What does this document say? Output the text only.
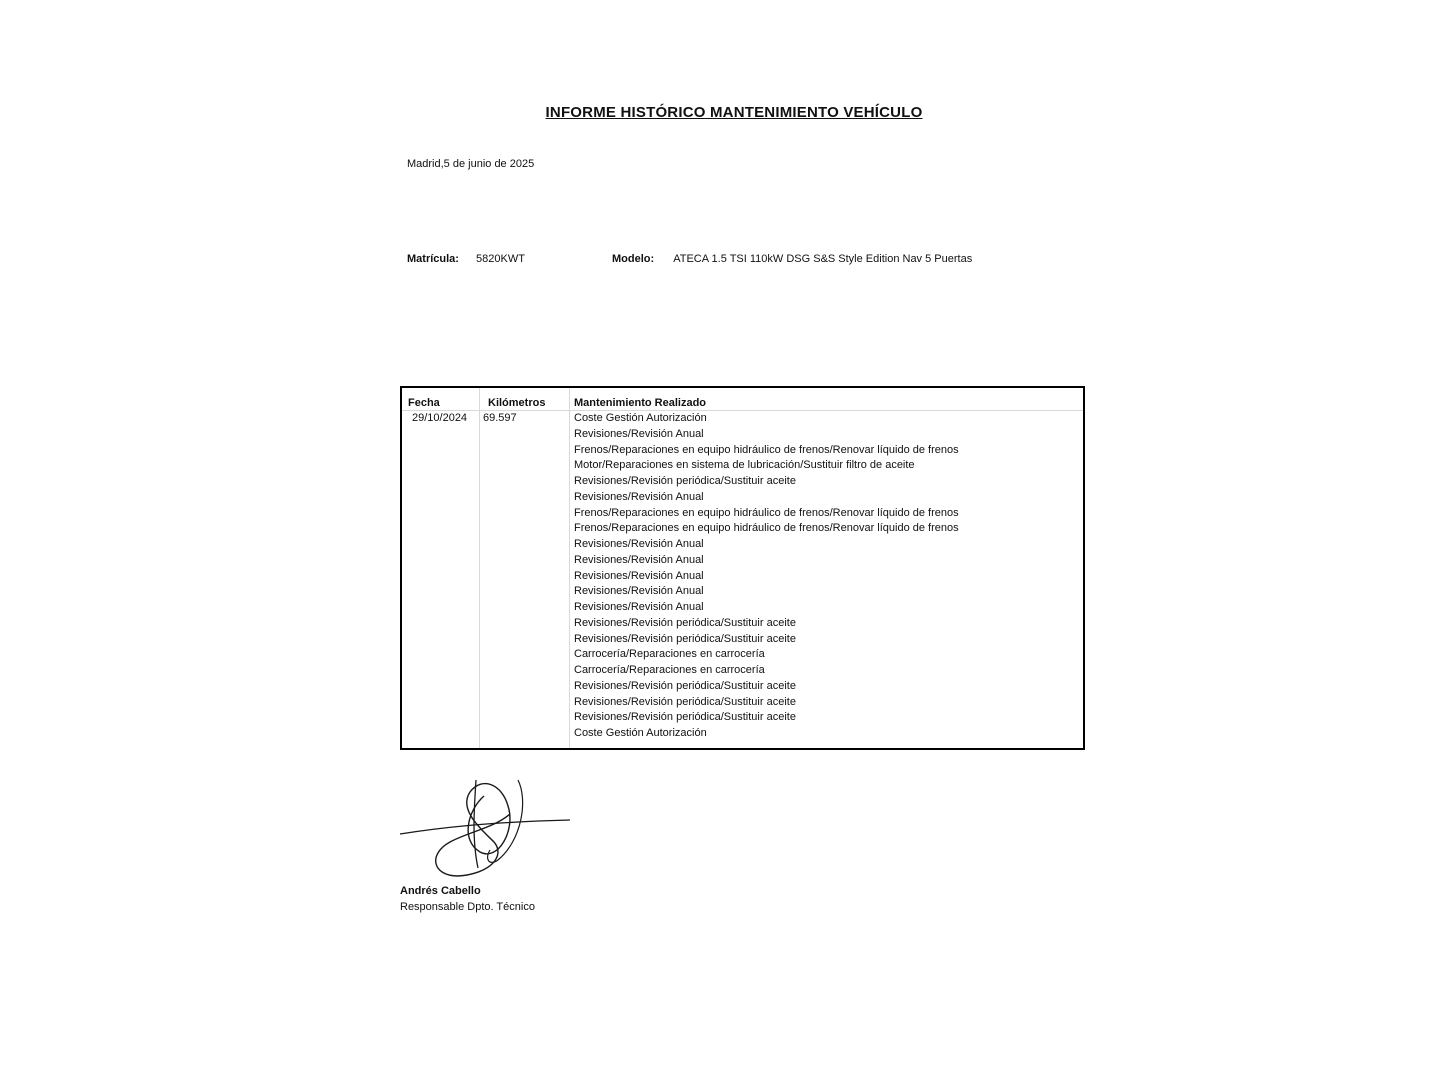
INFORME HISTÓRICO MANTENIMIENTO VEHÍCULO
Madrid,5 de junio de 2025
Matrícula: 5820KWT	Modelo: ATECA 1.5 TSI 110kW DSG S&S Style Edition Nav 5 Puertas
Fecha
29/10/2024
Kilómetros
69.597
Mantenimiento Realizado
Coste Gestión Autorización
Revisiones/Revisión Anual
Frenos/Reparaciones en equipo hidráulico de frenos/Renovar líquido de frenos
Motor/Reparaciones en sistema de lubricación/Sustituir filtro de aceite
Revisiones/Revisión periódica/Sustituir aceite
Revisiones/Revisión Anual
Frenos/Reparaciones en equipo hidráulico de frenos/Renovar líquido de frenos
Frenos/Reparaciones en equipo hidráulico de frenos/Renovar líquido de frenos
Revisiones/Revisión Anual
Revisiones/Revisión Anual
Revisiones/Revisión Anual
Revisiones/Revisión Anual
Revisiones/Revisión Anual
Revisiones/Revisión periódica/Sustituir aceite
Revisiones/Revisión periódica/Sustituir aceite
Carrocería/Reparaciones en carrocería
Carrocería/Reparaciones en carrocería
Revisiones/Revisión periódica/Sustituir aceite
Revisiones/Revisión periódica/Sustituir aceite
Revisiones/Revisión periódica/Sustituir aceite
Coste Gestión Autorización
Andrés Cabello
Responsable Dpto. Técnico
